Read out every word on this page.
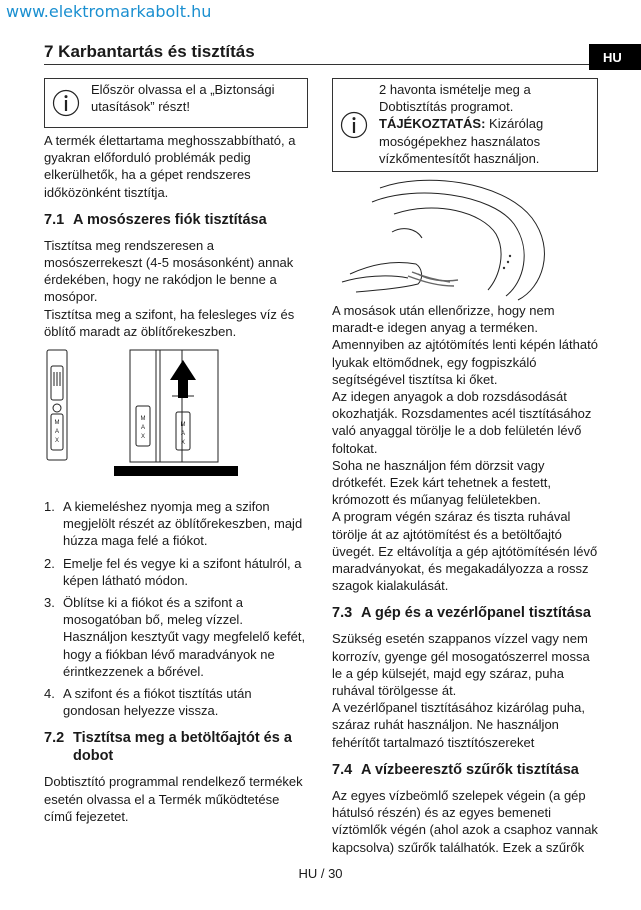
www.elektromarkabolt.hu
7 Karbantartás és tisztítás	HU
Először olvassa el a „Biztonsági utasítások” részt!

A termék élettartama meghosszabbítható, a gyakran előforduló problémák pedig elkerülhetők, ha a gépet rendszeres időközönként tisztítja.

7.1 A mosószeres fiók tisztítása

Tisztítsa meg rendszeresen a mosószerrekeszt (4-5 mosásonként) annak érdekében, hogy ne rakódjon le benne a mosópor.

Tisztítsa meg a szifont, ha felesleges víz és öblítő maradt az öblítőrekeszben.

M
A
X
M
A
X
M
A
X
1. A kiemeléshez nyomja meg a szifon megjelölt részét az öblítőrekeszben, majd húzza maga felé a fiókot.
2. Emelje fel és vegye ki a szifont hátulról, a képen látható módon.
3. Öblítse ki a fiókot és a szifont a mosogatóban bő, meleg vízzel. Használjon kesztyűt vagy megfelelő kefét, hogy a fiókban lévő maradványok ne érintkezzenek a bőrével.
4. A szifont és a fiókot tisztítás után gondosan helyezze vissza.
7.2 Tisztítsa meg a betöltőajtót és a dobot

Dobtisztító programmal rendelkező termékek esetén olvassa el a Termék működtetése című fejezetet.

2 havonta ismételje meg a Dobtisztítás programot.
TÁJÉKOZTATÁS: Kizárólag mosógépekhez használatos vízkőmentesítőt használjon.

A mosások után ellenőrizze, hogy nem maradt-e idegen anyag a terméken.

Amennyiben az ajtótömítés lenti képén látható lyukak eltömődnek, egy fogpiszkáló segítségével tisztítsa ki őket.

Az idegen anyagok a dob rozsdásodását okozhatják. Rozsdamentes acél tisztításához való anyaggal törölje le a dob felületén lévő foltokat.

Soha ne használjon fém dörzsit vagy drótkefét. Ezek kárt tehetnek a festett, krómozott és műanyag felületekben.

A program végén száraz és tiszta ruhával törölje át az ajtótömítést és a betöltőajtó üvegét. Ez eltávolítja a gép ajtótömítésén lévő maradványokat, és megakadályozza a rossz szagok kialakulását.

7.3 A gép és a vezérlőpanel tisztítása

Szükség esetén szappanos vízzel vagy nem korrozív, gyenge gél mosogatószerrel mossa le a gép külsejét, majd egy száraz, puha ruhával törölgesse át.

A vezérlőpanel tisztításához kizárólag puha, száraz ruhát használjon. Ne használjon fehérítőt tartalmazó tisztítószereket

7.4 A vízbeeresztő szűrők tisztítása

Az egyes vízbeömlő szelepek végein (a gép hátulsó részén) és az egyes bemeneti víztömlők végén (ahol azok a csaphoz vannak kapcsolva) szűrők találhatók. Ezek a szűrők

HU / 30
